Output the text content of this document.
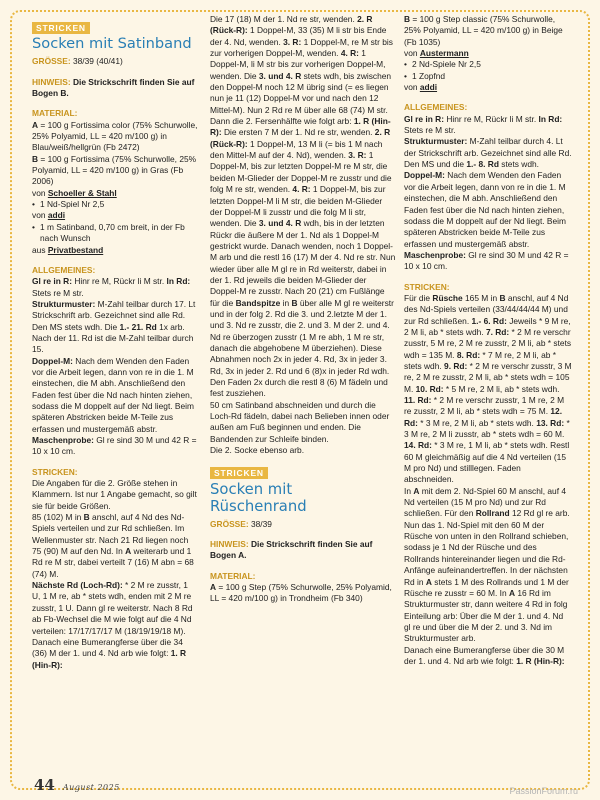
STRICKEN
Socken mit Satinband
GRÖSSE: 38/39 (40/41)
HINWEIS: Die Strickschrift finden Sie auf Bogen B.
MATERIAL:
A = 100 g Fortissima color (75% Schurwolle, 25% Polyamid, LL = 420 m/100 g) in Blau/weiß/hellgrün (Fb 2472)
B = 100 g Fortissima (75% Schurwolle, 25% Polyamid, LL = 420 m/100 g) in Gras (Fb 2006)
von Schoeller & Stahl
• 1 Nd-Spiel Nr 2,5
von addi
• 1 m Satinband, 0,70 cm breit, in der Fb nach Wunsch
aus Privatbestand
ALLGEMEINES:
Gl re in R: Hinr re M, Rückr li M str. In Rd: Stets re M str.
Strukturmuster: M-Zahl teilbar durch 17. Lt Strickschrift arb. Gezeichnet sind alle Rd. Den MS stets wdh. Die 1.- 21. Rd 1x arb. Nach der 11. Rd ist die M-Zahl teilbar durch 15.
Doppel-M: Nach dem Wenden den Faden vor die Arbeit legen, dann von re in die 1. M einstechen, die M abh. Anschließend den Faden fest über die Nd nach hinten ziehen, sodass die M doppelt auf der Nd liegt. Beim späteren Abstricken beide M-Teile zus erfassen und mustergemäß abstr.
Maschenprobe: Gl re sind 30 M und 42 R = 10 x 10 cm.
STRICKEN:
Die Angaben für die 2. Größe stehen in Klammern. Ist nur 1 Angabe gemacht, so gilt sie für beide Größen.
85 (102) M in B anschl, auf 4 Nd des Nd-Spiels verteilen und zur Rd schließen. Im Wellenmuster str. Nach 21 Rd liegen noch 75 (90) M auf den Nd. In A weiterarb und 1 Rd re M str, dabei verteilt 7 (16) M abn = 68 (74) M.
Nächste Rd (Loch-Rd): * 2 M re zusstr, 1 U, 1 M re, ab * stets wdh, enden mit 2 M re zusstr, 1 U. Dann gl re weiterstr. Nach 8 Rd ab Fb-Wechsel die M wie folgt auf die 4 Nd verteilen: 17/17/17/17 M (18/19/19/18 M). Danach eine Bumerangferse über die 34 (36) M der 1. und 4. Nd arb wie folgt: 1. R (Hin-R):
Die 17 (18) M der 1. Nd re str, wenden. 2. R (Rück-R): 1 Doppel-M, 33 (35) M li str bis Ende der 4. Nd, wenden. 3. R: 1 Doppel-M, re M str bis zur vorherigen Doppel-M, wenden. 4. R: 1 Doppel-M, li M str bis zur vorherigen Doppel-M, wenden. Die 3. und 4. R stets wdh, bis zwischen den Doppel-M noch 12 M übrig sind (= es liegen nun je 11 (12) Doppel-M vor und nach den 12 Mittel-M). Nun 2 Rd re M über alle 68 (74) M str. Dann die 2. Fersenhälfte wie folgt arb: 1. R (Hin-R): Die ersten 7 M der 1. Nd re str, wenden. 2. R (Rück-R): 1 Doppel-M, 13 M li (= bis 1 M nach den Mittel-M auf der 4. Nd), wenden. 3. R: 1 Doppel-M, bis zur letzten Doppel-M re M str, die beiden M-Glieder der Doppel-M re zusstr und die folg M re str, wenden. 4. R: 1 Doppel-M, bis zur letzten Doppel-M li M str, die beiden M-Glieder der Doppel-M li zusstr und die folg M li str, wenden. Die 3. und 4. R wdh, bis in der letzten Rückr die äußere M der 1. Nd als 1 Doppel-M gestrickt wurde. Danach wenden, noch 1 Doppel-M arb und die restl 16 (17) M der 4. Nd re str. Nun wieder über alle M gl re in Rd weiterstr, dabei in der 1. Rd jeweils die beiden M-Glieder der Doppel-M re zusstr. Nach 20 (21) cm Fußlänge für die Bandspitze in B über alle M gl re weiterstr und in der folg 2. Rd die 3. und 2.letzte M der 1. und 3. Nd re zusstr, die 2. und 3. M der 2. und 4. Nd re überzogen zusstr (1 M re abh, 1 M re str, danach die abgehobene M überziehen). Diese Abnahmen noch 2x in jeder 4. Rd, 3x in jeder 3. Rd, 3x in jeder 2. Rd und 6 (8)x in jeder Rd wdh. Den Faden 2x durch die restl 8 (6) M fädeln und fest zusziehen.
50 cm Satinband abschneiden und durch die Loch-Rd fädeln, dabei nach Belieben innen oder außen am Fuß beginnen und enden. Die Bandenden zur Schleife binden.
Die 2. Socke ebenso arb.
STRICKEN
Socken mit
Rüschenrand
GRÖSSE: 38/39
HINWEIS: Die Strickschrift finden Sie auf Bogen A.
MATERIAL:
A = 100 g Step (75% Schurwolle, 25% Polyamid, LL = 420 m/100 g) in Trondheim (Fb 340)
B = 100 g Step classic (75% Schurwolle, 25% Polyamid, LL = 420 m/100 g) in Beige (Fb 1035)
von Austermann
• 2 Nd-Spiele Nr 2,5
• 1 Zopfnd
von addi
ALLGEMEINES:
Gl re in R: Hinr re M, Rückr li M str. In Rd: Stets re M str.
Strukturmuster: M-Zahl teilbar durch 4. Lt der Strickschrift arb. Gezeichnet sind alle Rd. Den MS und die 1.- 8. Rd stets wdh.
Doppel-M: Nach dem Wenden den Faden vor die Arbeit legen, dann von re in die 1. M einstechen, die M abh. Anschließend den Faden fest über die Nd nach hinten ziehen, sodass die M doppelt auf der Nd liegt. Beim späteren Abstricken beide M-Teile zus erfassen und mustergemäß abstr.
Maschenprobe: Gl re sind 30 M und 42 R = 10 x 10 cm.
STRICKEN:
Für die Rüsche 165 M in B anschl, auf 4 Nd des Nd-Spiels verteilen (33/44/44/44 M) und zur Rd schließen. 1.- 6. Rd: Jeweils * 9 M re, 2 M li, ab * stets wdh. 7. Rd: * 2 M re verschr zusstr, 5 M re, 2 M re zusstr, 2 M li, ab * stets wdh = 135 M. 8. Rd: * 7 M re, 2 M li, ab * stets wdh. 9. Rd: * 2 M re verschr zusstr, 3 M re, 2 M re zusstr, 2 M li, ab * stets wdh = 105 M. 10. Rd: * 5 M re, 2 M li, ab * stets wdh. 11. Rd: * 2 M re verschr zusstr, 1 M re, 2 M re zusstr, 2 M li, ab * stets wdh = 75 M. 12. Rd: * 3 M re, 2 M li, ab * stets wdh. 13. Rd: * 3 M re, 2 M li zusstr, ab * stets wdh = 60 M. 14. Rd: * 3 M re, 1 M li, ab * stets wdh. Restl 60 M gleichmäßig auf die 4 Nd verteilen (15 M pro Nd) und stilllegen. Faden abschneiden.
In A mit dem 2. Nd-Spiel 60 M anschl, auf 4 Nd verteilen (15 M pro Nd) und zur Rd schließen. Für den Rollrand 12 Rd gl re arb. Nun das 1. Nd-Spiel mit den 60 M der Rüsche von unten in den Rollrand schieben, sodass je 1 Nd der Rüsche und des Rollrands hintereinander liegen und die Rd-Anfänge aufeinandertreffen. In der nächsten Rd in A stets 1 M des Rollrands und 1 M der Rüsche re zusstr = 60 M. In A 16 Rd im Strukturmuster str, dann weitere 4 Rd in folg Einteilung arb: Über die M der 1. und 4. Nd gl re und über die M der 2. und 3. Nd im Strukturmuster arb.
Danach eine Bumerangferse über die 30 M der 1. und 4. Nd arb wie folgt: 1. R (Hin-R):
44 August 2025	PassionForum.ru
